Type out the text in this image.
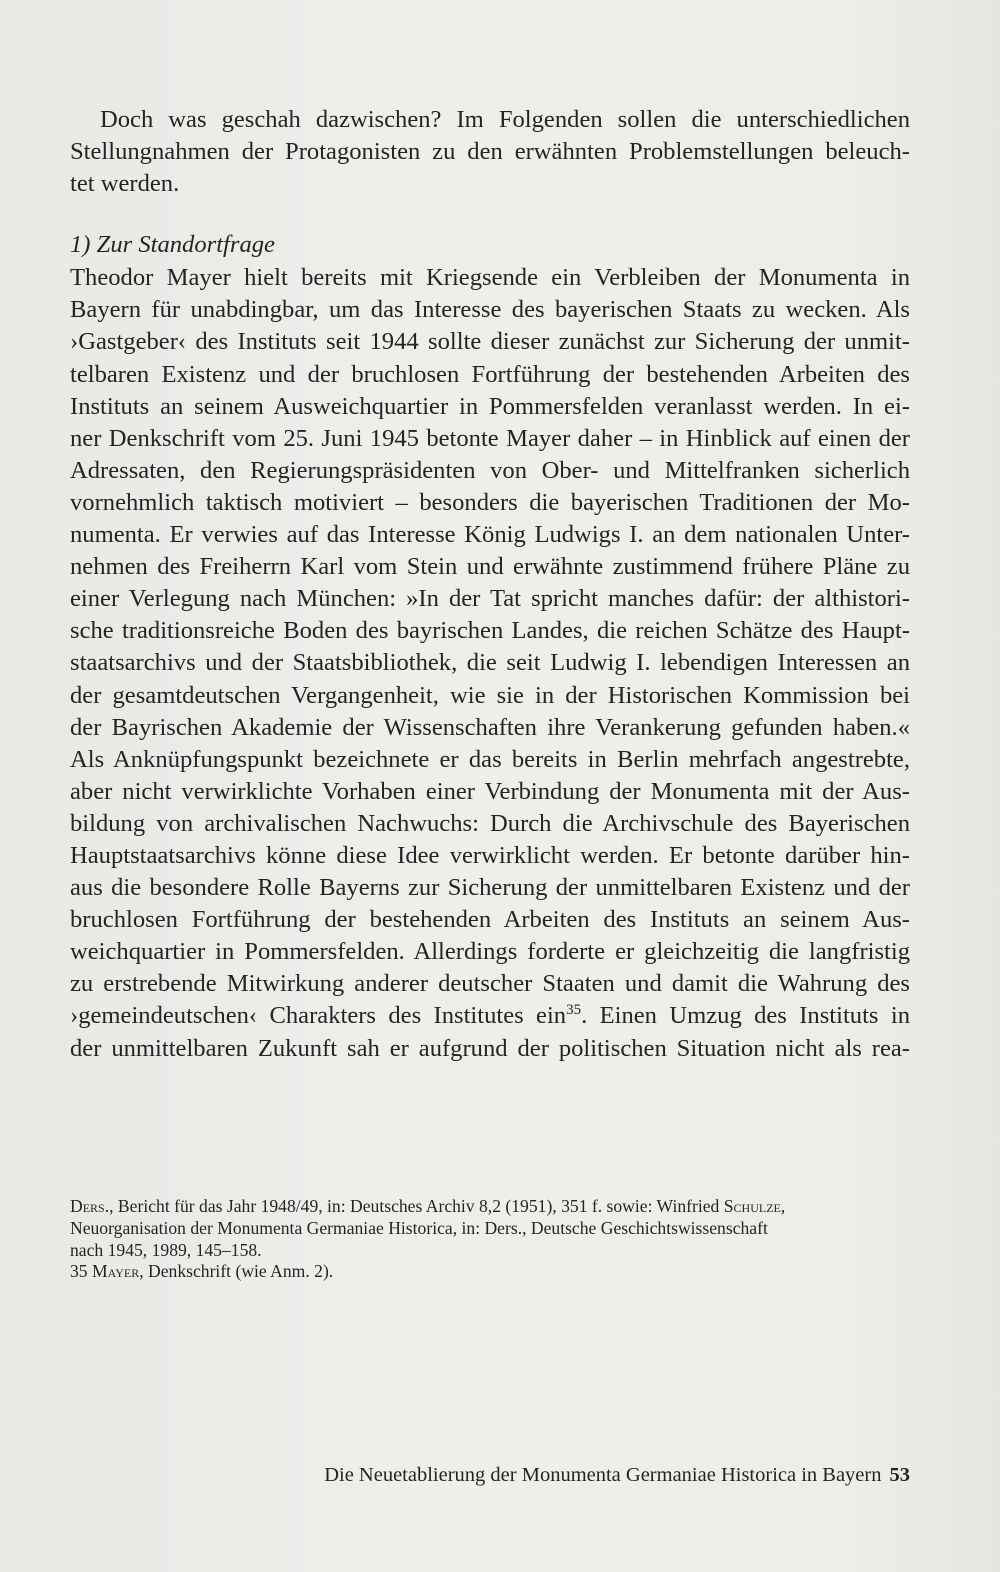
Doch was geschah dazwischen? Im Folgenden sollen die unterschiedlichen
Stellungnahmen der Protagonisten zu den erwähnten Problemstellungen beleuch-
tet werden.
1) Zur Standortfrage
Theodor Mayer hielt bereits mit Kriegsende ein Verbleiben der Monumenta in
Bayern für unabdingbar, um das Interesse des bayerischen Staats zu wecken. Als
›Gastgeber‹ des Instituts seit 1944 sollte dieser zunächst zur Sicherung der unmit-
telbaren Existenz und der bruchlosen Fortführung der bestehenden Arbeiten des
Instituts an seinem Ausweichquartier in Pommersfelden veranlasst werden. In ei-
ner Denkschrift vom 25. Juni 1945 betonte Mayer daher – in Hinblick auf einen der
Adressaten, den Regierungspräsidenten von Ober- und Mittelfranken sicherlich
vornehmlich taktisch motiviert – besonders die bayerischen Traditionen der Mo-
numenta. Er verwies auf das Interesse König Ludwigs I. an dem nationalen Unter-
nehmen des Freiherrn Karl vom Stein und erwähnte zustimmend frühere Pläne zu
einer Verlegung nach München: »In der Tat spricht manches dafür: der althistori-
sche traditionsreiche Boden des bayrischen Landes, die reichen Schätze des Haupt-
staatsarchivs und der Staatsbibliothek, die seit Ludwig I. lebendigen Interessen an
der gesamtdeutschen Vergangenheit, wie sie in der Historischen Kommission bei
der Bayrischen Akademie der Wissenschaften ihre Verankerung gefunden haben.«
Als Anknüpfungspunkt bezeichnete er das bereits in Berlin mehrfach angestrebte,
aber nicht verwirklichte Vorhaben einer Verbindung der Monumenta mit der Aus-
bildung von archivalischen Nachwuchs: Durch die Archivschule des Bayerischen
Hauptstaatsarchivs könne diese Idee verwirklicht werden. Er betonte darüber hin-
aus die besondere Rolle Bayerns zur Sicherung der unmittelbaren Existenz und der
bruchlosen Fortführung der bestehenden Arbeiten des Instituts an seinem Aus-
weichquartier in Pommersfelden. Allerdings forderte er gleichzeitig die langfristig
zu erstrebende Mitwirkung anderer deutscher Staaten und damit die Wahrung des
›gemeindeutschen‹ Charakters des Institutes ein$^{35}$. Einen Umzug des Instituts in
der unmittelbaren Zukunft sah er aufgrund der politischen Situation nicht als rea-
Ders., Bericht für das Jahr 1948/49, in: Deutsches Archiv 8,2 (1951), 351 f. sowie: Winfried Schulze,
Neuorganisation der Monumenta Germaniae Historica, in: Ders., Deutsche Geschichtswissenschaft
nach 1945, 1989, 145–158.
35 Mayer, Denkschrift (wie Anm. 2).
Die Neuetablierung der Monumenta Germaniae Historica in Bayern 53
